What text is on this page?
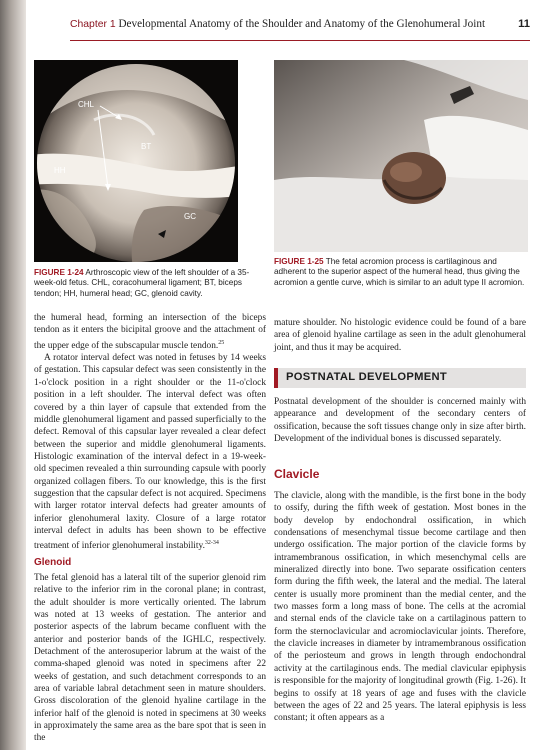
Chapter 1 Developmental Anatomy of the Shoulder and Anatomy of the Glenohumeral Joint	11
CHL
BT
HH
GC
FIGURE 1-24 Arthroscopic view of the left shoulder of a 35-week-old fetus. CHL, coracohumeral ligament; BT, biceps tendon; HH, humeral head; GC, glenoid cavity.
FIGURE 1-25 The fetal acromion process is cartilaginous and adherent to the superior aspect of the humeral head, thus giving the acromion a gentle curve, which is similar to an adult type II acromion.

the humeral head, forming an intersection of the biceps tendon as it enters the bicipital groove and the attachment of the upper edge of the subscapular muscle tendon.$^{25}$

A rotator interval defect was noted in fetuses by 14 weeks of gestation. This capsular defect was seen consistently in the 1-o'clock position in a right shoulder or the 11-o'clock position in a left shoulder. The interval defect was often covered by a thin layer of capsule that extended from the middle glenohumeral ligament and passed superficially to the defect. Removal of this capsular layer revealed a clear defect between the superior and middle glenohumeral ligaments. Histologic examination of the interval defect in a 19-week-old specimen revealed a thin surrounding capsule with poorly organized collagen fibers. To our knowledge, this is the first suggestion that the capsular defect is not acquired. Specimens with larger rotator interval defects had greater amounts of inferior glenohumeral laxity. Closure of a large rotator interval defect in adults has been shown to be effective treatment of inferior glenohumeral instability.$^{32-34}$

Glenoid

The fetal glenoid has a lateral tilt of the superior glenoid rim relative to the inferior rim in the coronal plane; in contrast, the adult shoulder is more vertically oriented. The labrum was noted at 13 weeks of gestation. The anterior and posterior aspects of the labrum became confluent with the anterior and posterior bands of the IGHLC, respectively. Detachment of the anterosuperior labrum at the waist of the comma-shaped glenoid was noted in specimens after 22 weeks of gestation, and such detachment corresponds to an area of variable labral detachment seen in mature shoulders. Gross discoloration of the glenoid hyaline cartilage in the inferior half of the glenoid is noted in specimens at 30 weeks in approximately the same area as the bare spot that is seen in the

mature shoulder. No histologic evidence could be found of a bare area of glenoid hyaline cartilage as seen in the adult glenohumeral joint, and thus it may be acquired.

POSTNATAL DEVELOPMENT

Postnatal development of the shoulder is concerned mainly with appearance and development of the secondary centers of ossification, because the soft tissues change only in size after birth. Development of the individual bones is discussed separately.

Clavicle

The clavicle, along with the mandible, is the first bone in the body to ossify, during the fifth week of gestation. Most bones in the body develop by endochondral ossification, in which condensations of mesenchymal tissue become cartilage and then undergo ossification. The major portion of the clavicle forms by intramembranous ossification, in which mesenchymal cells are mineralized directly into bone. Two separate ossification centers form during the fifth week, the lateral and the medial. The lateral center is usually more prominent than the medial center, and the two masses form a long mass of bone. The cells at the acromial and sternal ends of the clavicle take on a cartilaginous pattern to form the sternoclavicular and acromioclavicular joints. Therefore, the clavicle increases in diameter by intramembranous ossification of the periosteum and grows in length through endochondral activity at the cartilaginous ends. The medial clavicular epiphysis is responsible for the majority of longitudinal growth (Fig. 1-26). It begins to ossify at 18 years of age and fuses with the clavicle between the ages of 22 and 25 years. The lateral epiphysis is less constant; it often appears as a
